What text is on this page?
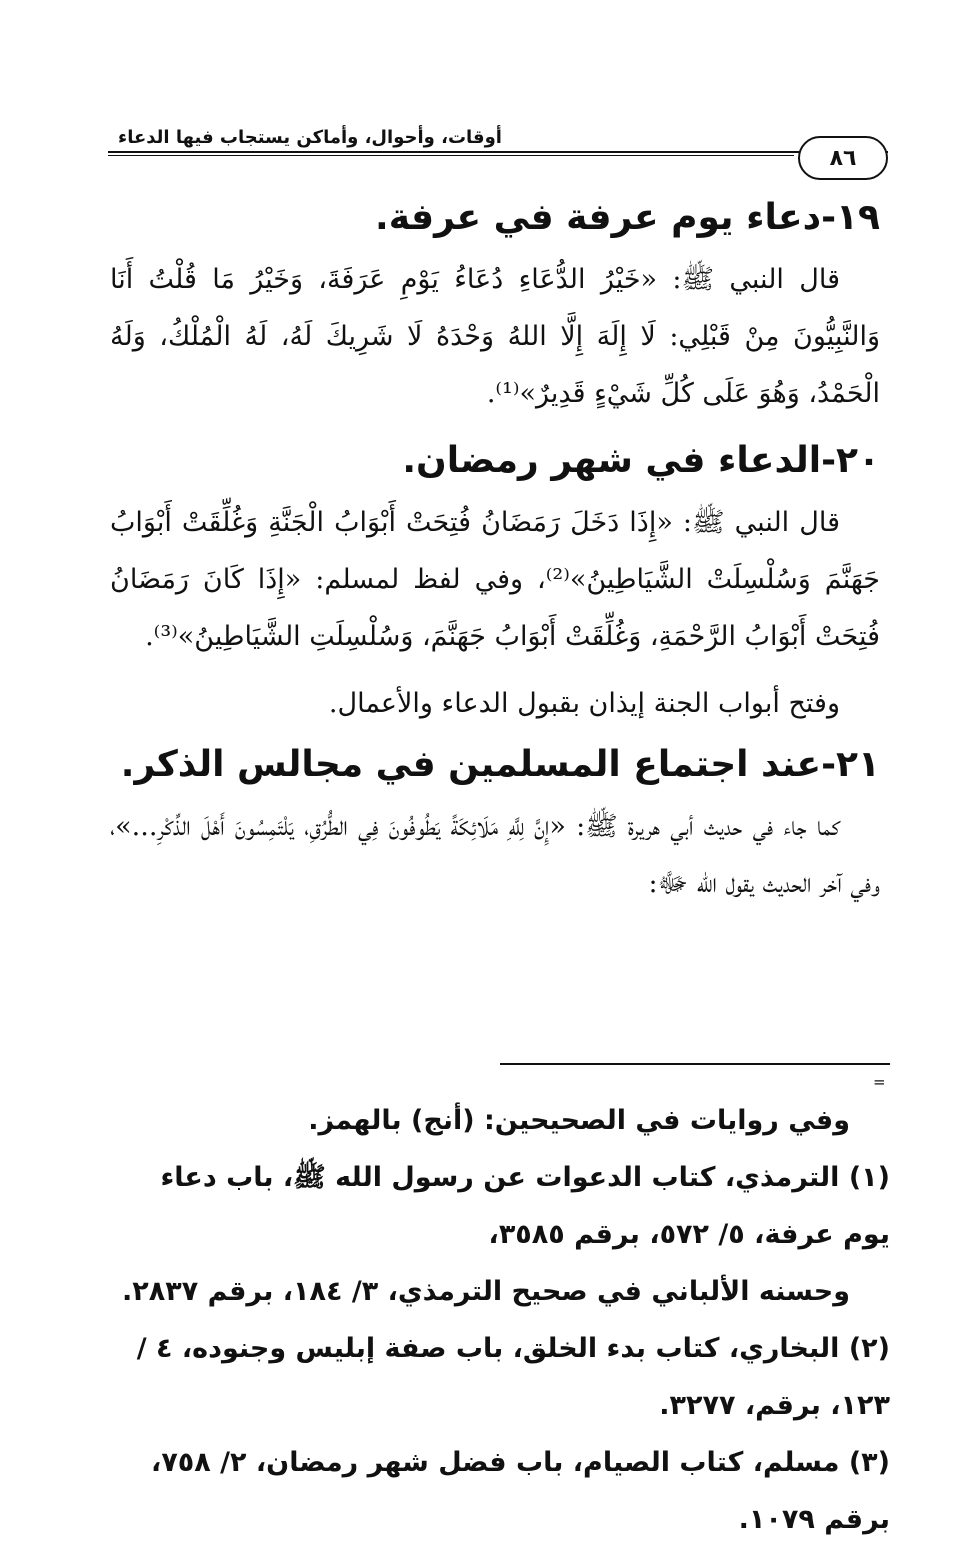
أوقات، وأحوال، وأماكن يستجاب فيها الدعاء
٨٦
١٩-دعاء يوم عرفة في عرفة.

قال النبي ﷺ: «خَيْرُ الدُّعَاءِ دُعَاءُ يَوْمِ عَرَفَةَ، وَخَيْرُ مَا قُلْتُ أَنَا وَالنَّبِيُّونَ مِنْ قَبْلِي: لَا إِلَهَ إِلَّا اللهُ وَحْدَهُ لَا شَرِيكَ لَهُ، لَهُ الْمُلْكُ، وَلَهُ الْحَمْدُ، وَهُوَ عَلَى كُلِّ شَيْءٍ قَدِيرٌ»⁽¹⁾.

٢٠-الدعاء في شهر رمضان.

قال النبي ﷺ: «إِذَا دَخَلَ رَمَضَانُ فُتِحَتْ أَبْوَابُ الْجَنَّةِ وَغُلِّقَتْ أَبْوَابُ جَهَنَّمَ وَسُلْسِلَتْ الشَّيَاطِينُ»⁽²⁾، وفي لفظ لمسلم: «إِذَا كَانَ رَمَضَانُ فُتِحَتْ أَبْوَابُ الرَّحْمَةِ، وَغُلِّقَتْ أَبْوَابُ جَهَنَّمَ، وَسُلْسِلَتِ الشَّيَاطِينُ»⁽³⁾.

وفتح أبواب الجنة إيذان بقبول الدعاء والأعمال.

٢١-عند اجتماع المسلمين في مجالس الذكر.

كما جاء في حديث أبي هريرة ﷺ: «إِنَّ لِلَّهِ مَلَائِكَةً يَطُوفُونَ فِي الطُّرُقِ، يَلْتَمِسُونَ أَهْلَ الذِّكْرِ...»، وفي آخر الحديث يقول الله ﷻ:

=

وفي روايات في الصحيحين: (أنج) بالهمز.

(١) الترمذي، كتاب الدعوات عن رسول الله ﷺ، باب دعاء يوم عرفة، ٥/ ٥٧٢، برقم ٣٥٨٥،

وحسنه الألباني في صحيح الترمذي، ٣/ ١٨٤، برقم ٢٨٣٧.

(٢) البخاري، كتاب بدء الخلق، باب صفة إبليس وجنوده، ٤ / ١٢٣، برقم، ٣٢٧٧.

(٣) مسلم، كتاب الصيام، باب فضل شهر رمضان، ٢/ ٧٥٨، برقم ١٠٧٩.
